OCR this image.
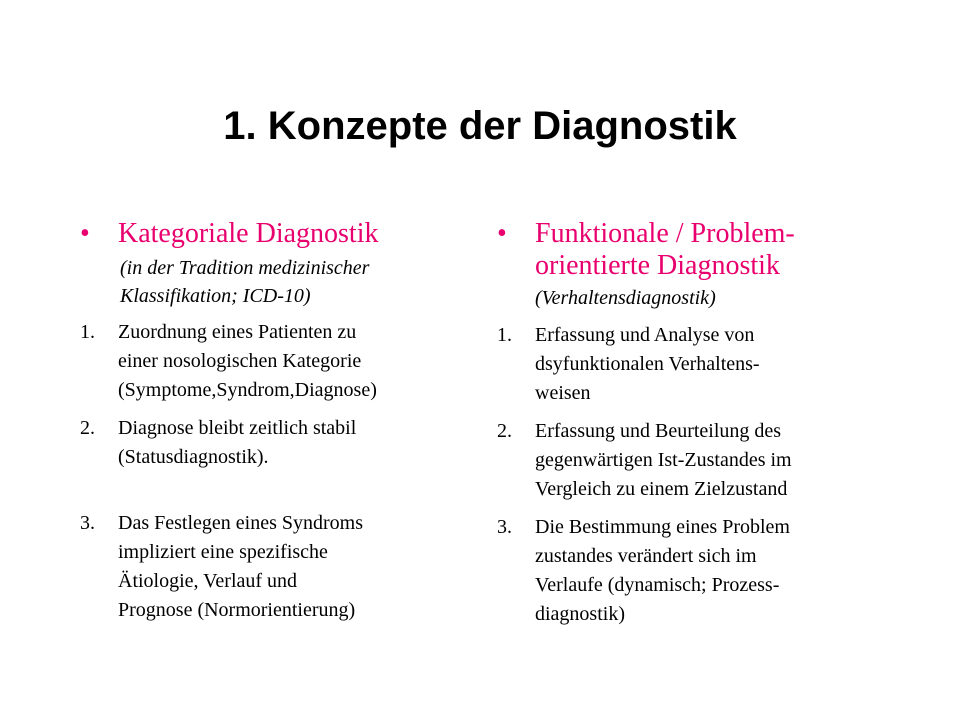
1. Konzepte der Diagnostik
• Kategoriale Diagnostik
(in der Tradition medizinischer
Klassifikation; ICD-10)
1. Zuordnung eines Patienten zu
einer nosologischen Kategorie
(Symptome,Syndrom,Diagnose)
2. Diagnose bleibt zeitlich stabil
(Statusdiagnostik).
3. Das Festlegen eines Syndroms
impliziert eine spezifische
Ätiologie, Verlauf und
Prognose (Normorientierung)
• Funktionale / Problem-
orientierte Diagnostik
(Verhaltensdiagnostik)
1. Erfassung und Analyse von
dsyfunktionalen Verhaltens-
weisen
2. Erfassung und Beurteilung des
gegenwärtigen Ist-Zustandes im
Vergleich zu einem Zielzustand
3. Die Bestimmung eines Problem
zustandes verändert sich im
Verlaufe (dynamisch; Prozess-
diagnostik)
